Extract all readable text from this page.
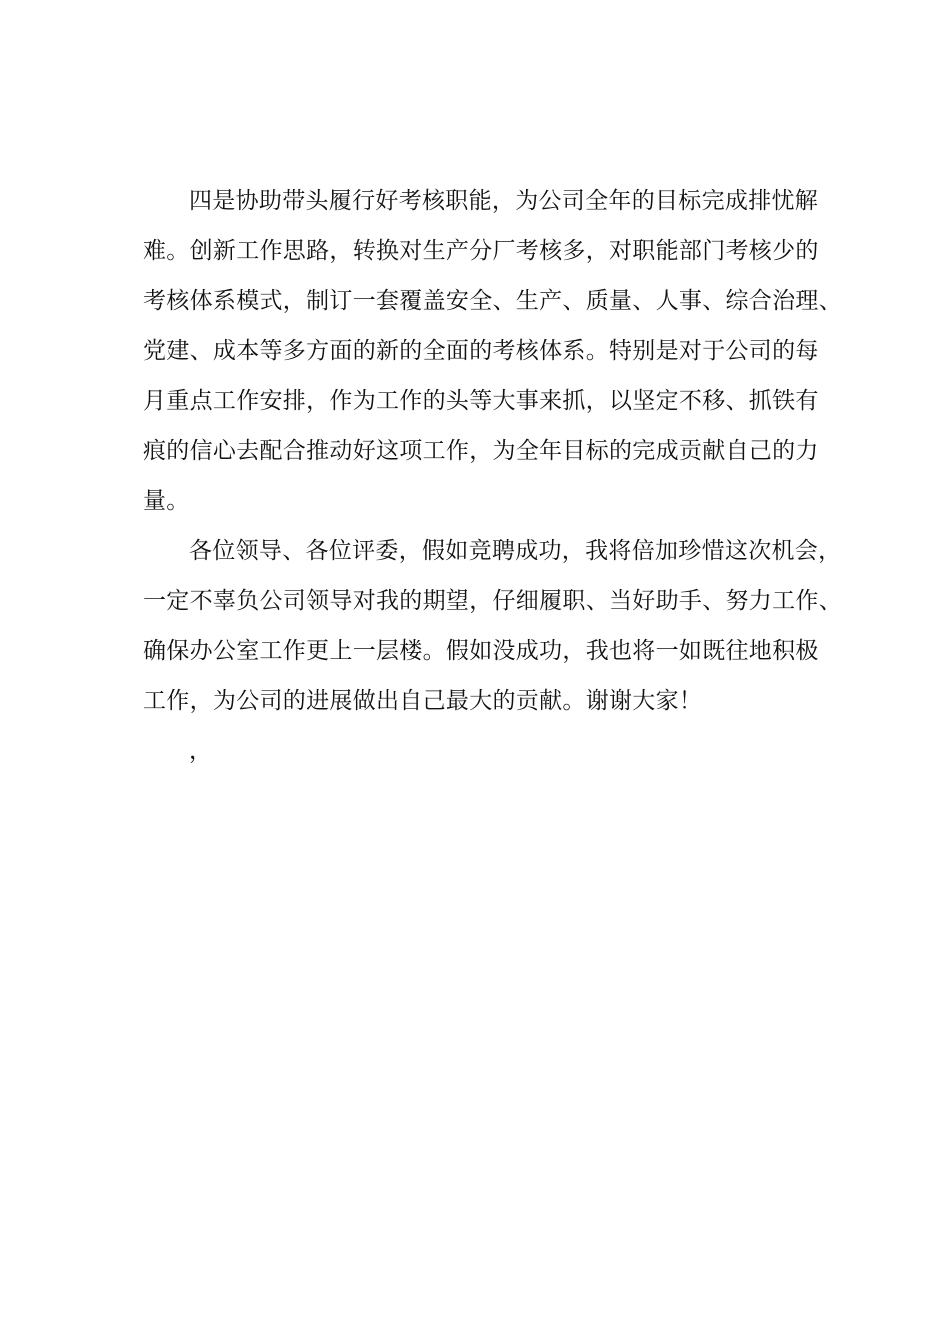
四是协助带头履行好考核职能，为公司全年的目标完成排忧解
难。创新工作思路，转换对生产分厂考核多，对职能部门考核少的
考核体系模式，制订一套覆盖安全、生产、质量、人事、综合治理、
党建、成本等多方面的新的全面的考核体系。特别是对于公司的每
月重点工作安排，作为工作的头等大事来抓，以坚定不移、抓铁有
痕的信心去配合推动好这项工作，为全年目标的完成贡献自己的力
量。
各位领导、各位评委，假如竞聘成功，我将倍加珍惜这次机会，
一定不辜负公司领导对我的期望，仔细履职、当好助手、努力工作、
确保办公室工作更上一层楼。假如没成功，我也将一如既往地积极
工作，为公司的进展做出自己最大的贡献。谢谢大家！
，
